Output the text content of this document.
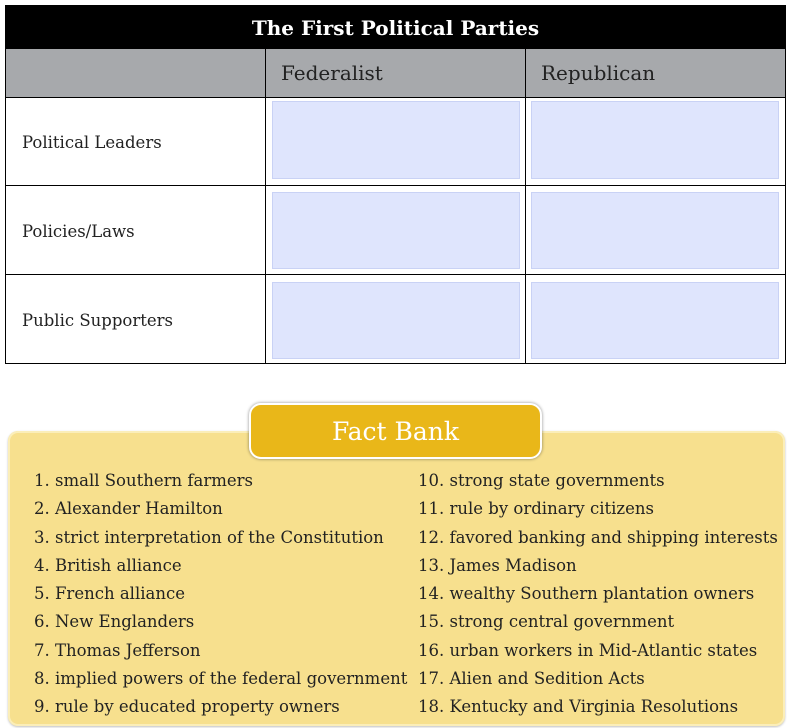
The First Political Parties
Federalist	Republican
Political Leaders
Policies/Laws
Public Supporters
1. small Southern farmers
2. Alexander Hamilton
3. strict interpretation of the Constitution
4. British alliance
5. French alliance
6. New Englanders
7. Thomas Jefferson
8. implied powers of the federal government
9. rule by educated property owners
10. strong state governments
11. rule by ordinary citizens
12. favored banking and shipping interests
13. James Madison
14. wealthy Southern plantation owners
15. strong central government
16. urban workers in Mid-Atlantic states
17. Alien and Sedition Acts
18. Kentucky and Virginia Resolutions
Fact Bank
